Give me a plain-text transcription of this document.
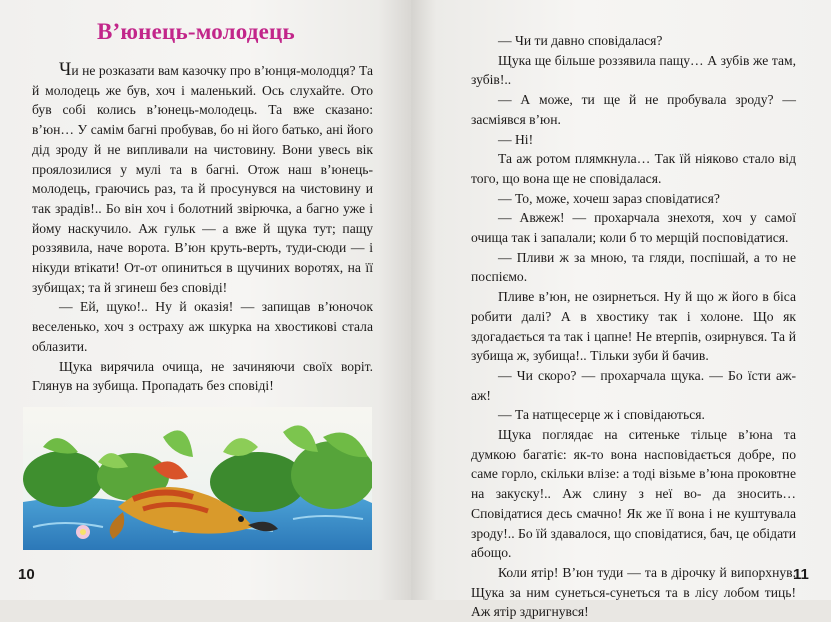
В’юнець-молодець

Чи не розказати вам казочку про в’юнця-молодця? Та й молодець же був, хоч і маленький. Ось слухайте. Ото був собі колись в’юнець-молодець. Та вже сказано: в’юн… У самім багні пробував, бо ні його батько, ані його дід зроду й не випливали на чистовину. Вони увесь вік проялозилися у мулі та в багні. Отож наш в’юнець-молодець, граючись раз, та й просунувся на чистовину и так зрадів!.. Бо він хоч і болотний звірючка, а багно уже і йому наскучило. Аж гульк — а вже й щука тут; пащу роззявила, наче ворота. В’юн круть-верть, туди-сюди — і нікуди втікати! От-от опиниться в щучиних воротях, на її зубищах; та й згинеш без сповіді!

— Ей, щуко!.. Ну й оказія! — запищав в’юночок веселенько, хоч з остраху аж шкурка на хвостикові стала облазити.

Щука вирячила очища, не зачиняючи своїх воріт. Глянув на зубища. Пропадать без сповіді!

10

— Чи ти давно сповідалася?

Щука ще більше роззявила пащу… А зубів же там, зубів!..

— А може, ти ще й не пробувала зроду? — засміявся в’юн.

— Ні!

Та аж ротом плямкнула… Так їй ніяково стало від того, що вона ще не сповідалася.

— То, може, хочеш зараз сповідатися?

— Авжеж! — прохарчала знехотя, хоч у самої очища так і запалали; коли б то мерщій посповідатися.

— Пливи ж за мною, та гляди, поспішай, а то не поспіємо.

Пливе в’юн, не озирнеться. Ну й що ж його в біса робити далі? А в хвостику так і холоне. Що як здогадається та так і цапне! Не втерпів, озирнувся. Та й зубища ж, зубища!.. Тільки зуби й бачив.

— Чи скоро? — прохарчала щука. — Бо їсти аж-аж!

— Та натщесерце ж і сповідаються.

Щука поглядає на ситеньке тільце в’юна та думкою багатіє: як-то вона насповідається добре, по саме горло, скільки влізе: а тоді візьме в’юна проковтне на закуску!.. Аж слину з неї во- да зносить… Сповідатися десь смачно! Як же її вона і не куштувала зроду!.. Бо їй здавалося, що сповідатися, бач, це обідати абощо.

Коли ятір! В’юн туди — та в дірочку й випорхнув. Щука за ним сунеться-сунеться та в лісу лобом тиць! Аж ятір здригнувся!

11
